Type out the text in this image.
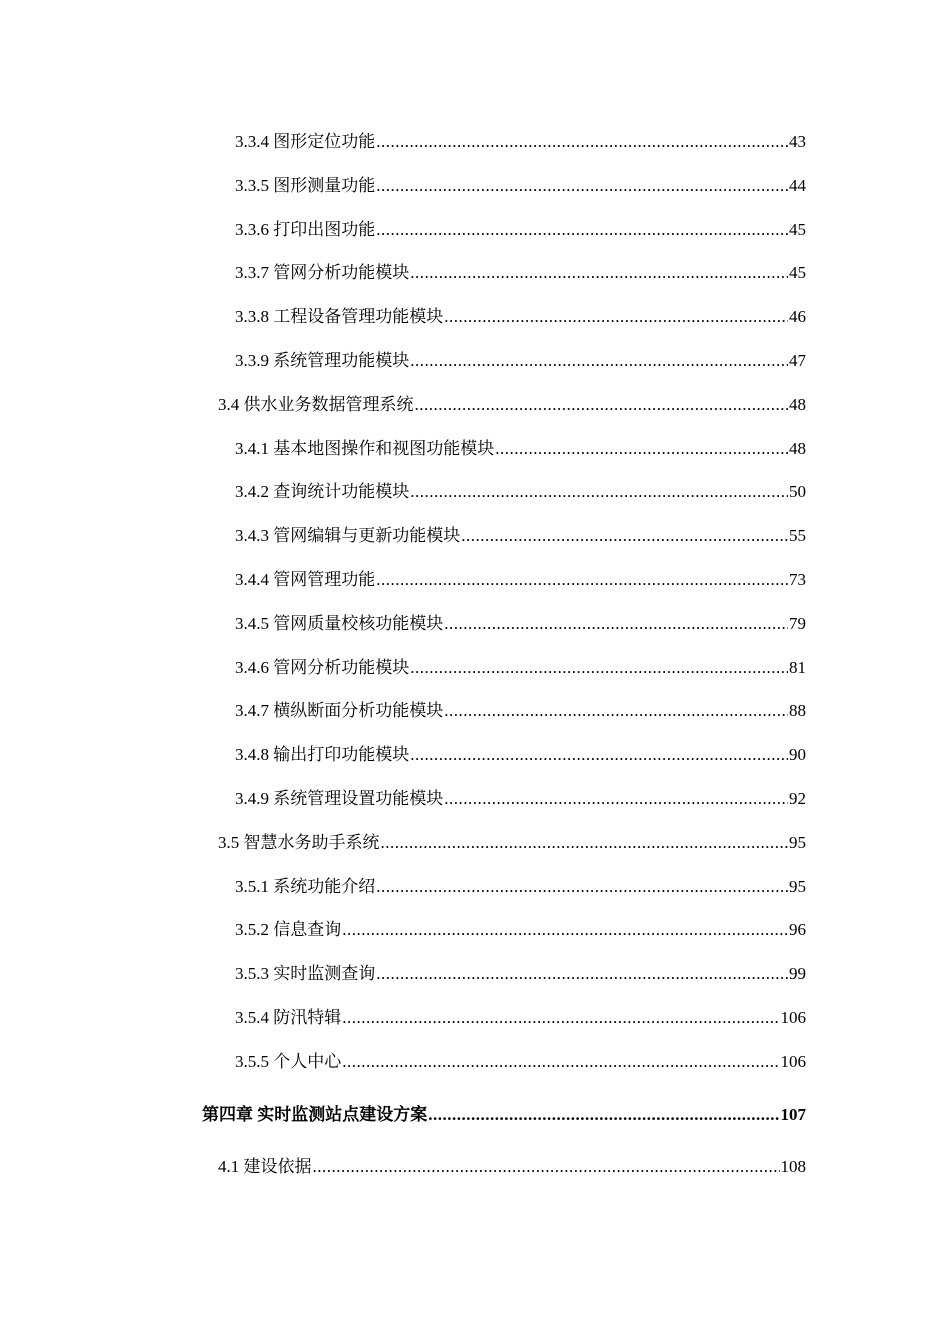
3.3.4 图形定位功能 .....	43
3.3.5 图形测量功能 .....	44
3.3.6 打印出图功能 .....	45
3.3.7 管网分析功能模块 .....	45
3.3.8 工程设备管理功能模块 .....	46
3.3.9 系统管理功能模块 .....	47
3.4 供水业务数据管理系统 .....	48
3.4.1 基本地图操作和视图功能模块 .....	48
3.4.2 查询统计功能模块 .....	50
3.4.3 管网编辑与更新功能模块 .....	55
3.4.4 管网管理功能 .....	73
3.4.5 管网质量校核功能模块 .....	79
3.4.6 管网分析功能模块 .....	81
3.4.7 横纵断面分析功能模块 .....	88
3.4.8 输出打印功能模块 .....	90
3.4.9 系统管理设置功能模块 .....	92
3.5 智慧水务助手系统 .....	95
3.5.1 系统功能介绍 .....	95
3.5.2 信息查询 .....	96
3.5.3 实时监测查询 .....	99
3.5.4 防汛特辑 .....	106
3.5.5 个人中心 .....	106
第四章 实时监测站点建设方案 .....	107
4.1 建设依据 .....	108
